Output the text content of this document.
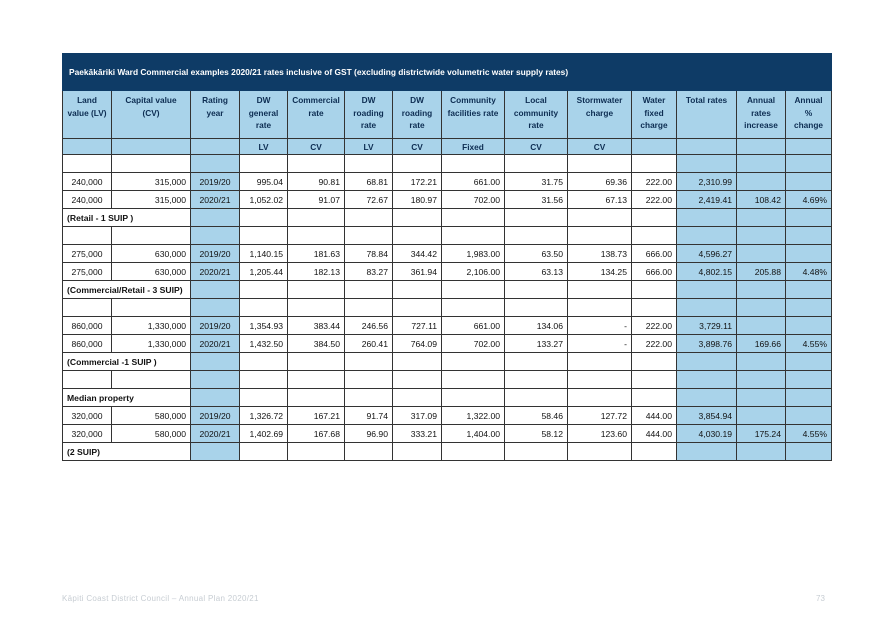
Paekākāriki Ward Commercial examples 2020/21 rates inclusive of GST (excluding districtwide volumetric water supply rates)													
Land value (LV)	Capital value (CV)	Rating year	DW general rate	Commercial rate	DW roading rate	DW roading rate	Community facilities rate	Local community rate	Stormwater charge	Water fixed charge	Total rates	Annual rates increase	Annual % change
			LV	CV	LV	CV	Fixed	CV	CV				

240,000	315,000	2019/20	995.04	90.81	68.81	172.21	661.00	31.75	69.36	222.00	2,310.99		
240,000	315,000	2020/21	1,052.02	91.07	72.67	180.97	702.00	31.56	67.13	222.00	2,419.41	108.42	4.69%
(Retail - 1 SUIP )													

275,000	630,000	2019/20	1,140.15	181.63	78.84	344.42	1,983.00	63.50	138.73	666.00	4,596.27		
275,000	630,000	2020/21	1,205.44	182.13	83.27	361.94	2,106.00	63.13	134.25	666.00	4,802.15	205.88	4.48%
(Commercial/Retail - 3 SUIP)													

860,000	1,330,000	2019/20	1,354.93	383.44	246.56	727.11	661.00	134.06	-	222.00	3,729.11		
860,000	1,330,000	2020/21	1,432.50	384.50	260.41	764.09	702.00	133.27	-	222.00	3,898.76	169.66	4.55%
(Commercial -1 SUIP )													

Median property													
320,000	580,000	2019/20	1,326.72	167.21	91.74	317.09	1,322.00	58.46	127.72	444.00	3,854.94		
320,000	580,000	2020/21	1,402.69	167.68	96.90	333.21	1,404.00	58.12	123.60	444.00	4,030.19	175.24	4.55%
(2 SUIP)													
Kāpiti Coast District Council – Annual Plan 2020/21	73
